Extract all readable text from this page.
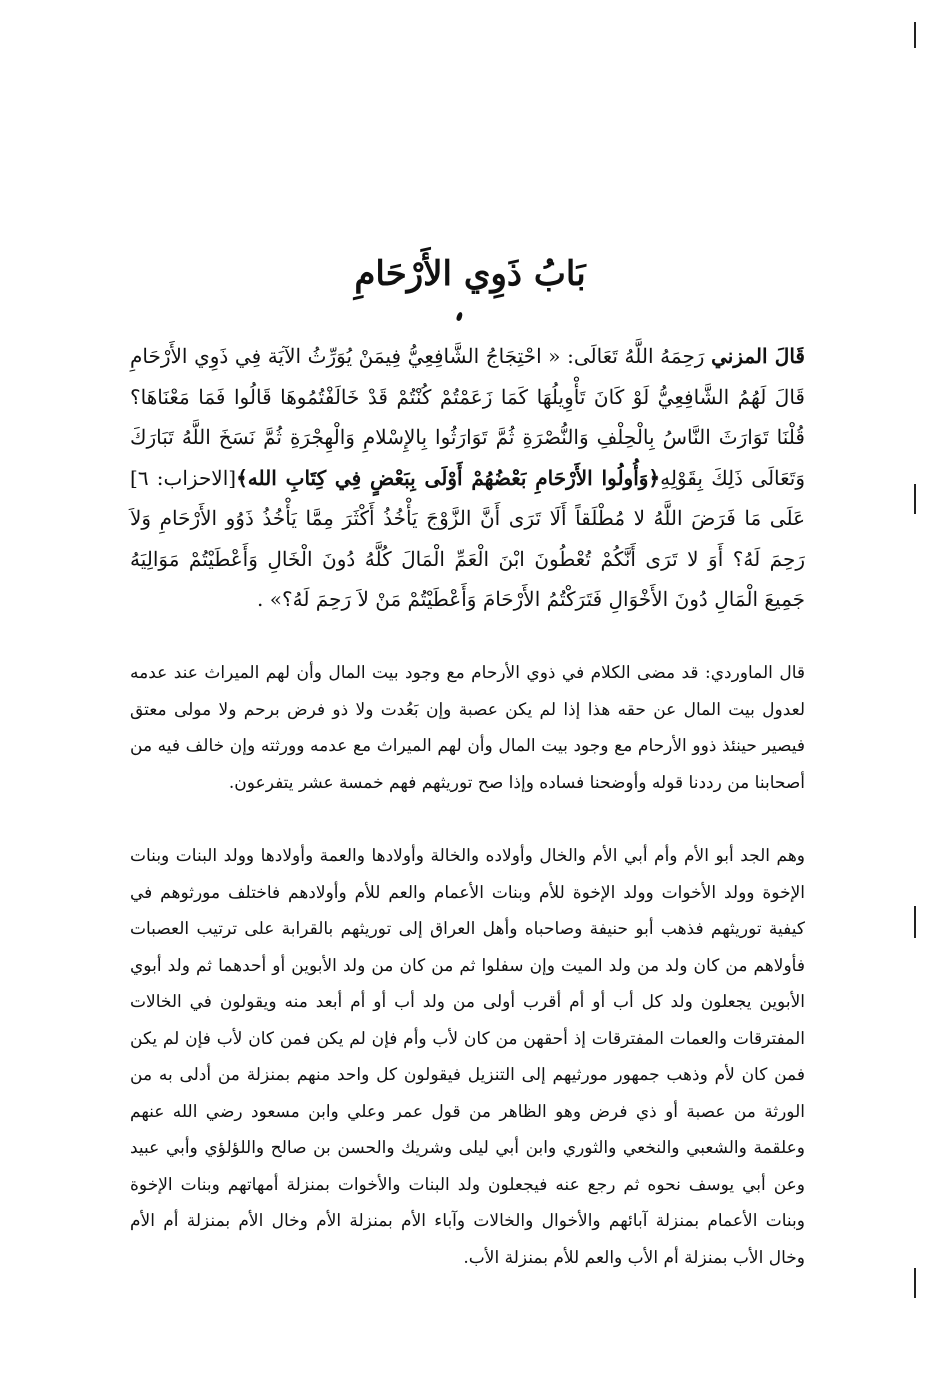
بَابُ ذَوِي الأَرْحَامِ
قَالَ المزني رَحِمَهُ اللَّهُ تَعَالَى: « احْتِجَاجُ الشَّافِعِيُّ فِيمَنْ يُوَرِّثُ الآيَة فِي ذَوِي الأَرْحَامِ قَالَ لَهُمُ الشَّافِعِيُّ لَوْ كَانَ تَأْوِيلُهَا كَمَا زَعَمْتُمْ كُنْتُمْ قَدْ خَالَفْتُمُوهَا قَالُوا فَمَا مَعْنَاهَا؟ قُلْنَا تَوَارَثَ النَّاسُ بِالْحِلْفِ وَالنُّصْرَةِ ثُمَّ تَوَارَثُوا بِالإِسْلامِ وَالْهِجْرَةِ ثُمَّ نَسَخَ اللَّهُ تَبَارَكَ وَتَعَالَى ذَلِكَ بِقَوْلِهِ﴿وَأُولُوا الأَرْحَامِ بَعْضُهُمْ أَوْلَى بِبَعْضٍ فِي كِتَابِ الله﴾[الاحزاب: ٦] عَلَى مَا فَرَضَ اللَّهُ لا مُطْلَقاً أَلَا تَرَى أَنَّ الزَّوْجَ يَأْخُذُ أَكْثَرَ مِمَّا يَأْخُذُ ذَوُو الأَرْحَامِ وَلاَ رَحِمَ لَهُ؟ أَوَ لا تَرَى أَنَّكُمْ تُعْطُونَ ابْنَ الْعَمِّ الْمَالَ كُلَّهُ دُونَ الْخَالِ وَأَعْطَيْتُمْ مَوَالِيَهُ جَمِيعَ الْمَالِ دُونَ الأَخْوَالِ فَتَرَكْتُمُ الأَرْحَامَ وَأَعْطَيْتُمْ مَنْ لاَ رَحِمَ لَهُ؟» .
قال الماوردي: قد مضى الكلام في ذوي الأرحام مع وجود بيت المال وأن لهم الميراث عند عدمه لعدول بيت المال عن حقه هذا إذا لم يكن عصبة وإن بَعُدت ولا ذو فرض برحم ولا مولى معتق فيصير حينئذ ذوو الأرحام مع وجود بيت المال وأن لهم الميراث مع عدمه وورثته وإن خالف فيه من أصحابنا من رددنا قوله وأوضحنا فساده وإذا صح توريثهم فهم خمسة عشر يتفرعون.
وهم الجد أبو الأم وأم أبي الأم والخال وأولاده والخالة وأولادها والعمة وأولادها وولد البنات وبنات الإخوة وولد الأخوات وولد الإخوة للأم وبنات الأعمام والعم للأم وأولادهم فاختلف مورثوهم في كيفية توريثهم فذهب أبو حنيفة وصاحباه وأهل العراق إلى توريثهم بالقرابة على ترتيب العصبات فأولاهم من كان ولد من ولد الميت وإن سفلوا ثم من كان من ولد الأبوين أو أحدهما ثم ولد أبوي الأبوين يجعلون ولد كل أب أو أم أقرب أولى من ولد أب أو أم أبعد منه ويقولون في الخالات المفترقات والعمات المفترقات إذ أحقهن من كان لأب وأم فإن لم يكن فمن كان لأب فإن لم يكن فمن كان لأم وذهب جمهور مورثيهم إلى التنزيل فيقولون كل واحد منهم بمنزلة من أدلى به من الورثة من عصبة أو ذي فرض وهو الظاهر من قول عمر وعلي وابن مسعود رضي الله عنهم وعلقمة والشعبي والنخعي والثوري وابن أبي ليلى وشريك والحسن بن صالح واللؤلؤي وأبي عبيد وعن أبي يوسف نحوه ثم رجع عنه فيجعلون ولد البنات والأخوات بمنزلة أمهاتهم وبنات الإخوة وبنات الأعمام بمنزلة آبائهم والأخوال والخالات وآباء الأم بمنزلة الأم وخال الأم بمنزلة أم الأم وخال الأب بمنزلة أم الأب والعم للأم بمنزلة الأب.
